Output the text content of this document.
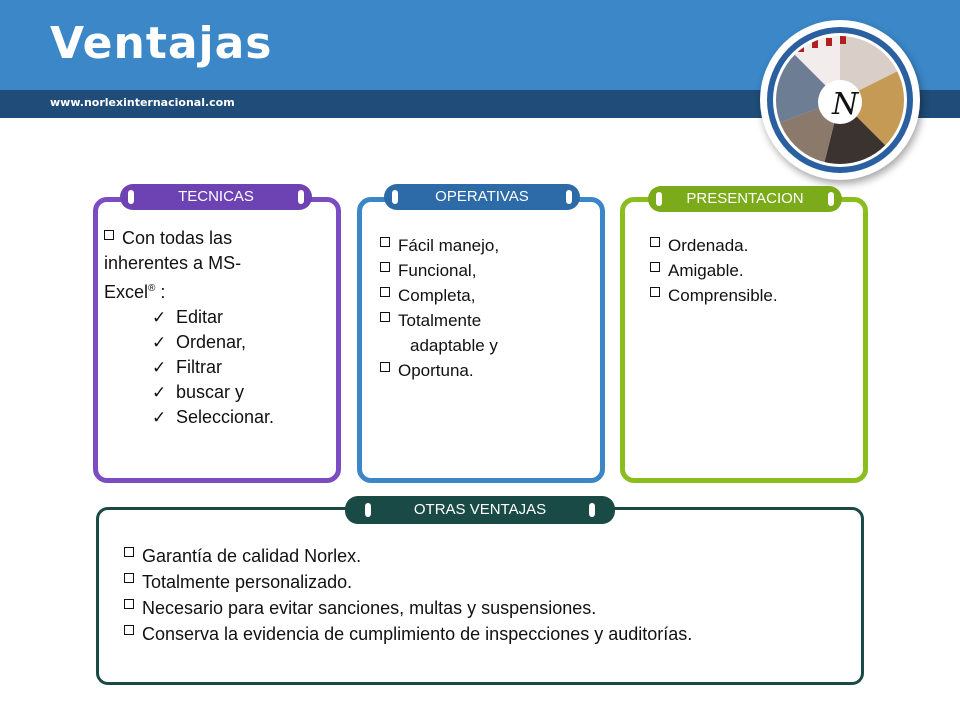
Ventajas
www.norlexinternacional.com	N
TECNICAS
Con todas las
inherentes a MS-
Excel® :
✓ Editar
✓ Ordenar,
✓ Filtrar
✓ buscar y
✓ Seleccionar.
OPERATIVAS
Fácil manejo,
Funcional,
Completa,
Totalmente
adaptable y
Oportuna.
PRESENTACION
Ordenada.
Amigable.
Comprensible.
OTRAS VENTAJAS
Garantía de calidad Norlex.
Totalmente personalizado.
Necesario para evitar sanciones, multas y suspensiones.
Conserva la evidencia de cumplimiento de inspecciones y auditorías.
